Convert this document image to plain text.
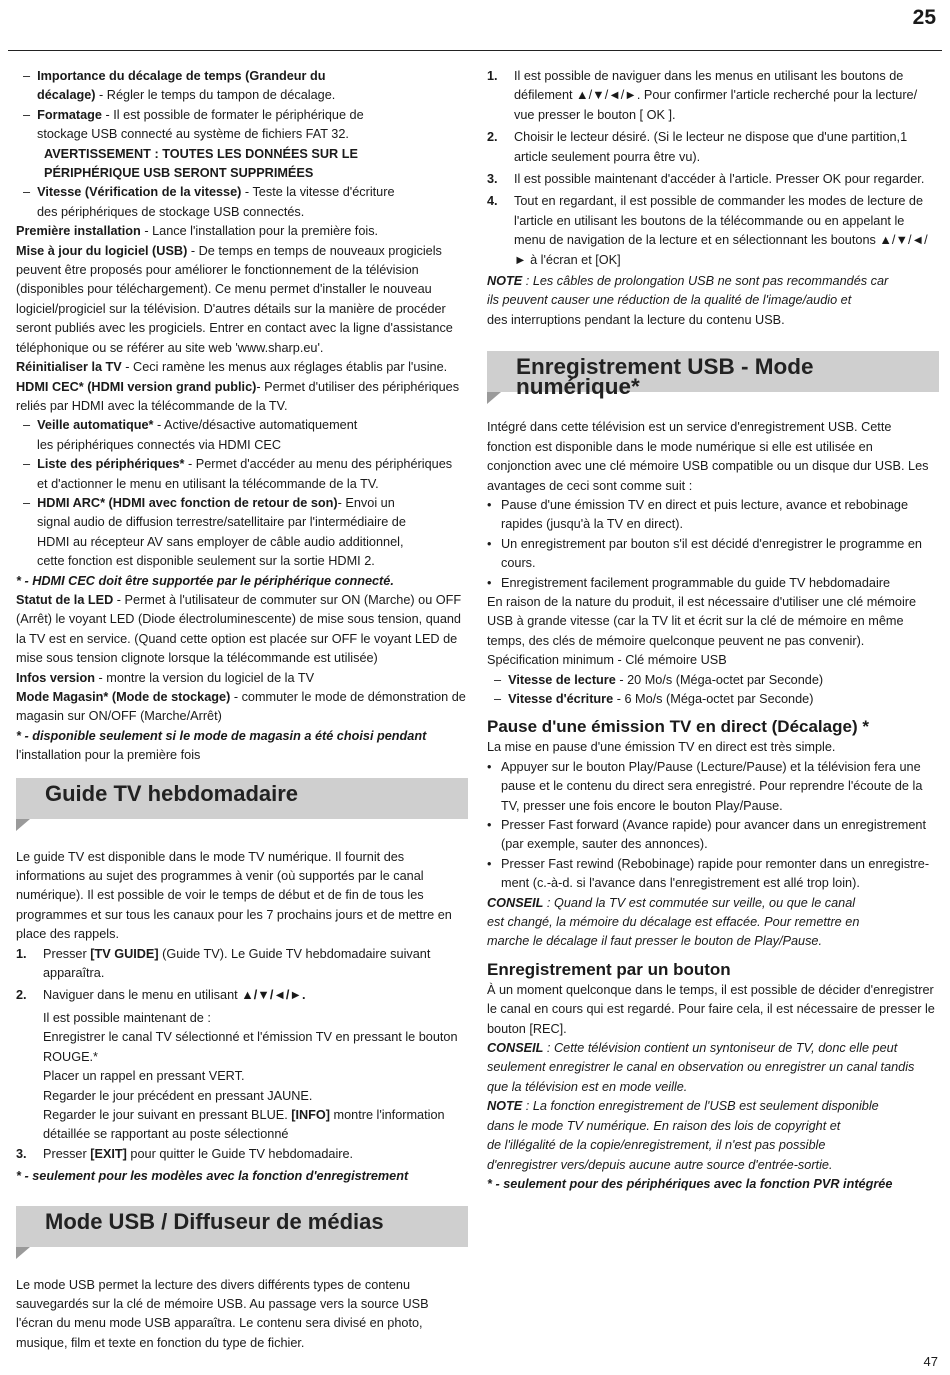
25

– Importance du décalage de temps (Grandeur du
décalage) - Régler le temps du tampon de décalage.

– Formatage - Il est possible de formater le périphérique de
stockage USB connecté au système de fichiers FAT 32.

AVERTISSEMENT : TOUTES LES DONNÉES SUR LE
PÉRIPHÉRIQUE USB SERONT SUPPRIMÉES

– Vitesse (Vérification de la vitesse) - Teste la vitesse d'écriture
des périphériques de stockage USB connectés.

Première installation - Lance l'installation pour la première fois.

Mise à jour du logiciel (USB) - De temps en temps de nouveaux progiciels peuvent être proposés pour améliorer le fonctionnement de la télévision (disponibles pour téléchargement). Ce menu permet d'installer le nouveau logiciel/progiciel sur la télévision. D'autres détails sur la manière de procéder seront publiés avec les progiciels. Entrer en contact avec la ligne d'assistance téléphonique ou se référer au site web 'www.sharp.eu'.

Réinitialiser la TV - Ceci ramène les menus aux réglages établis par l'usine.

HDMI CEC* (HDMI version grand public)- Permet d'utiliser des périphériques reliés par HDMI avec la télécommande de la TV.

– Veille automatique* - Active/désactive automatiquement
les périphériques connectés via HDMI CEC

– Liste des périphériques* - Permet d'accéder au menu des périphériques
et d'actionner le menu en utilisant la télécommande de la TV.

– HDMI ARC* (HDMI avec fonction de retour de son)- Envoi un
signal audio de diffusion terrestre/satellitaire par l'intermédiaire de
HDMI au récepteur AV sans employer de câble audio additionnel,
cette fonction est disponible seulement sur la sortie HDMI 2.

* - HDMI CEC doit être supportée par le périphérique connecté.

Statut de la LED - Permet à l'utilisateur de commuter sur ON (Marche) ou OFF (Arrêt) le voyant LED (Diode électroluminescente) de mise sous tension, quand la TV est en service. (Quand cette option est placée sur OFF le voyant LED de mise sous tension clignote lorsque la télécommande est utilisée)

Infos version - montre la version du logiciel de la TV

Mode Magasin* (Mode de stockage) - commuter le mode de démonstration de magasin sur ON/OFF (Marche/Arrêt)

* - disponible seulement si le mode de magasin a été choisi pendant
l'installation pour la première fois

Guide TV hebdomadaire

Le guide TV est disponible dans le mode TV numérique. Il fournit des informations au sujet des programmes à venir (où supportés par le canal numérique). Il est possible de voir le temps de début et de fin de tous les programmes et sur tous les canaux pour les 7 prochains jours et de mettre en place des rappels.

1.	Presser [TV GUIDE] (Guide TV). Le Guide TV hebdomadaire suivant apparaîtra.
2.	Naviguer dans le menu en utilisant ▲/▼/◄/►.

Il est possible maintenant de :

Enregistrer le canal TV sélectionné et l'émission TV en pressant le bouton ROUGE.*

Placer un rappel en pressant VERT.

Regarder le jour précédent en pressant JAUNE.

Regarder le jour suivant en pressant BLUE. [INFO] montre l'information détaillée se rapportant au poste sélectionné

3.	Presser [EXIT] pour quitter le Guide TV hebdomadaire.

* - seulement pour les modèles avec la fonction d'enregistrement

Mode USB / Diffuseur de médias

Le mode USB permet la lecture des divers différents types de contenu sauvegardés sur la clé de mémoire USB. Au passage vers la source USB l'écran du menu mode USB apparaîtra. Le contenu sera divisé en photo, musique, film et texte en fonction du type de fichier.

1.	Il est possible de naviguer dans les menus en utilisant les boutons de défilement ▲/▼/◄/►. Pour confirmer l'article recherché pour la lecture/ vue presser le bouton [ OK ].
2.	Choisir le lecteur désiré. (Si le lecteur ne dispose que d'une partition,1 article seulement pourra être vu).
3.	Il est possible maintenant d'accéder à l'article. Presser OK pour regarder.
4.	Tout en regardant, il est possible de commander les modes de lecture de l'article en utilisant les boutons de la télécommande ou en appelant le menu de navigation de la lecture et en sélectionnant les boutons ▲/▼/◄/► à l'écran et [OK]

NOTE : Les câbles de prolongation USB ne sont pas recommandés car
ils peuvent causer une réduction de la qualité de l'image/audio et
des interruptions pendant la lecture du contenu USB.

Enregistrement USB - Mode numérique*

Intégré dans cette télévision est un service d'enregistrement USB. Cette fonction est disponible dans le mode numérique si elle est utilisée en conjonction avec une clé mémoire USB compatible ou un disque dur USB. Les avantages de ceci sont comme suit :

• Pause d'une émission TV en direct et puis lecture, avance et rebobinage rapides (jusqu'à la TV en direct).
• Un enregistrement par bouton s'il est décidé d'enregistrer le programme en cours.
• Enregistrement facilement programmable du guide TV hebdomadaire

En raison de la nature du produit, il est nécessaire d'utiliser une clé mémoire USB à grande vitesse (car la TV lit et écrit sur la clé de mémoire en même temps, des clés de mémoire quelconque peuvent ne pas convenir).

Spécification minimum - Clé mémoire USB

– Vitesse de lecture - 20 Mo/s (Méga-octet par Seconde)

– Vitesse d'écriture - 6 Mo/s (Méga-octet par Seconde)

Pause d'une émission TV en direct (Décalage) *

La mise en pause d'une émission TV en direct est très simple.

• Appuyer sur le bouton Play/Pause (Lecture/Pause) et la télévision fera une pause et le contenu du direct sera enregistré. Pour reprendre l'écoute de la TV, presser une fois encore le bouton Play/Pause.
• Presser Fast forward (Avance rapide) pour avancer dans un enregistrement (par exemple, sauter des annonces).
• Presser Fast rewind (Rebobinage) rapide pour remonter dans un enregistre-ment (c.-à-d. si l'avance dans l'enregistrement est allé trop loin).

CONSEIL : Quand la TV est commutée sur veille, ou que le canal
est changé, la mémoire du décalage est effacée. Pour remettre en
marche le décalage il faut presser le bouton de Play/Pause.

Enregistrement par un bouton

À un moment quelconque dans le temps, il est possible de décider d'enregistrer le canal en cours qui est regardé. Pour faire cela, il est nécessaire de presser le bouton [REC].

CONSEIL : Cette télévision contient un syntoniseur de TV, donc elle peut
seulement enregistrer le canal en observation ou enregistrer un canal tandis
que la télévision est en mode veille.

NOTE : La fonction enregistrement de l'USB est seulement disponible
dans le mode TV numérique. En raison des lois de copyright et
de l'illégalité de la copie/enregistrement, il n'est pas possible
d'enregistrer vers/depuis aucune autre source d'entrée-sortie.

* - seulement pour des périphériques avec la fonction PVR intégrée

47
